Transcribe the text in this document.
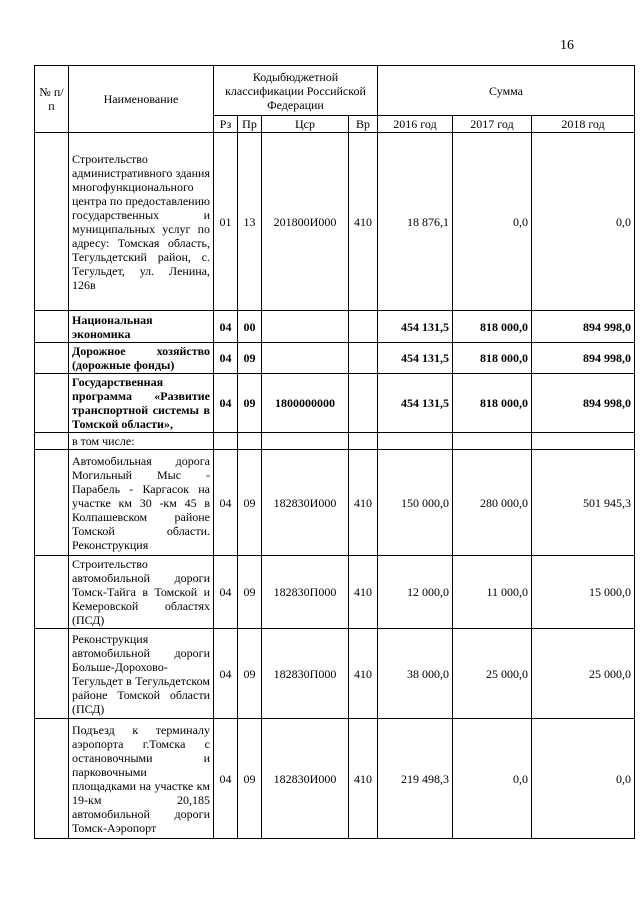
16
№ п/п	Наименование	Кодыбюджетной классификации Российской Федерации				Сумма		
		Рз	Пр	Цср	Вр	2016 год	2017 год	2018 год
	Строительство административного здания многофункционального центра по предоставлению государственных и муниципальных услуг по адресу: Томская область, Тегульдетский район, с. Тегульдет, ул. Ленина, 126в	01	13	201800И000	410	18 876,1	0,0	0,0
	Национальная экономика	04	00			454 131,5	818 000,0	894 998,0
	Дорожное хозяйство (дорожные фонды)	04	09			454 131,5	818 000,0	894 998,0
	Государственная программа «Развитие транспортной системы в Томской области»,	04	09	1800000000		454 131,5	818 000,0	894 998,0
	в том числе:							
	Автомобильная дорога Могильный Мыс - Парабель - Каргасок на участке км 30 -км 45 в Колпашевском районе Томской области. Реконструкция	04	09	182830И000	410	150 000,0	280 000,0	501 945,3
	Строительство автомобильной дороги Томск-Тайга в Томской и Кемеровской областях (ПСД)	04	09	182830П000	410	12 000,0	11 000,0	15 000,0
	Реконструкция автомобильной дороги Больше-Дорохово-Тегульдет в Тегульдетском районе Томской области (ПСД)	04	09	182830П000	410	38 000,0	25 000,0	25 000,0
	Подъезд к терминалу аэропорта г.Томска с остановочными и парковочными площадками на участке км 19-км 20,185 автомобильной дороги Томск-Аэропорт	04	09	182830И000	410	219 498,3	0,0	0,0
